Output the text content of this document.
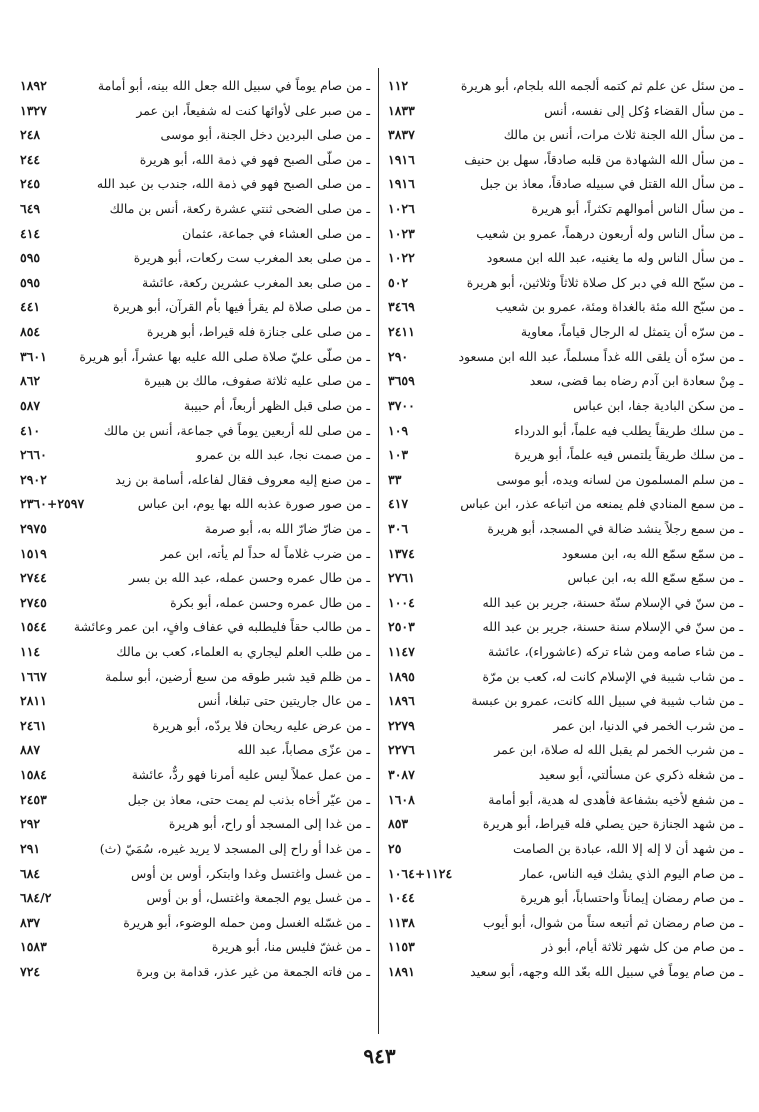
ـ من سئل عن علم ثم كتمه ألجمه الله بلجام، أبو هريرة
١١٢
ـ من سأل القضاء وُكل إلى نفسه، أنس
١٨٣٣
ـ من سأل الله الجنة ثلاث مرات، أنس بن مالك
٣٨٣٧
ـ من سأل الله الشهادة من قلبه صادقاً، سهل بن حنيف
١٩١٦
ـ من سأل الله القتل في سبيله صادقاً، معاذ بن جبل
١٩١٦
ـ من سأل الناس أموالهم تكثراً، أبو هريرة
١٠٢٦
ـ من سأل الناس وله أربعون درهماً، عمرو بن شعيب
١٠٢٣
ـ من سأل الناس وله ما يغنيه، عبد الله ابن مسعود
١٠٢٢
ـ من سبّح الله في دبر كل صلاة ثلاثاً وثلاثين، أبو هريرة
٥٠٢
ـ من سبّح الله مئة بالغداة ومئة، عمرو بن شعيب
٣٤٦٩
ـ من سرّه أن يتمثل له الرجال قياماً، معاوية
٢٤١١
ـ من سرّه أن يلقى الله غداً مسلماً، عبد الله ابن مسعود
٢٩٠
ـ مِنْ سعادة ابن آدم رضاه بما قضى، سعد
٣٦٥٩
ـ من سكن البادية جفا، ابن عباس
٣٧٠٠
ـ من سلك طريقاً يطلب فيه علماً، أبو الدرداء
١٠٩
ـ من سلك طريقاً يلتمس فيه علماً، أبو هريرة
١٠٣
ـ من سلم المسلمون من لسانه ويده، أبو موسى
٣٣
ـ من سمع المنادي فلم يمنعه من اتباعه عذر، ابن عباس
٤١٧
ـ من سمع رجلاً ينشد ضالة في المسجد، أبو هريرة
٣٠٦
ـ من سمّع سمّع الله به، ابن مسعود
١٣٧٤
ـ من سمّع سمّع الله به، ابن عباس
٢٧٦١
ـ من سنّ في الإسلام سنّة حسنة، جرير بن عبد الله
١٠٠٤
ـ من سنّ في الإسلام سنة حسنة، جرير بن عبد الله
٢٥٠٣
ـ من شاء صامه ومن شاء تركه (عاشوراء)، عائشة
١١٤٧
ـ من شاب شيبة في الإسلام كانت له، كعب بن مرّة
١٨٩٥
ـ من شاب شيبة في سبيل الله كانت، عمرو بن عبسة
١٨٩٦
ـ من شرب الخمر في الدنيا، ابن عمر
٢٢٧٩
ـ من شرب الخمر لم يقبل الله له صلاة، ابن عمر
٢٢٧٦
ـ من شغله ذكري عن مسألتي، أبو سعيد
٣٠٨٧
ـ من شفع لأخيه بشفاعة فأهدى له هدية، أبو أمامة
١٦٠٨
ـ من شهد الجنازة حين يصلي فله قيراط، أبو هريرة
٨٥٣
ـ من شهد أن لا إله إلا الله، عبادة بن الصامت
٢٥
ـ من صام اليوم الذي يشك فيه الناس، عمار
١١٢٤+١٠٦٤
ـ من صام رمضان إيماناً واحتساباً، أبو هريرة
١٠٤٤
ـ من صام رمضان ثم أتبعه ستاً من شوال، أبو أيوب
١١٣٨
ـ من صام من كل شهر ثلاثة أيام، أبو ذر
١١٥٣
ـ من صام يوماً في سبيل الله بعّد الله وجهه، أبو سعيد
١٨٩١
ـ من صام يوماً في سبيل الله جعل الله بينه، أبو أمامة
١٨٩٢
ـ من صبر على لأوائها كنت له شفيعاً، ابن عمر
١٣٢٧
ـ من صلى البردين دخل الجنة، أبو موسى
٢٤٨
ـ من صلّى الصبح فهو في ذمة الله، أبو هريرة
٢٤٤
ـ من صلى الصبح فهو في ذمة الله، جندب بن عبد الله
٢٤٥
ـ من صلى الضحى ثنتي عشرة ركعة، أنس بن مالك
٦٤٩
ـ من صلى العشاء في جماعة، عثمان
٤١٤
ـ من صلى بعد المغرب ست ركعات، أبو هريرة
٥٩٥
ـ من صلى بعد المغرب عشرين ركعة، عائشة
٥٩٥
ـ من صلى صلاة لم يقرأ فيها بأم القرآن، أبو هريرة
٤٤١
ـ من صلى على جنازة فله قيراط، أبو هريرة
٨٥٤
ـ من صلّى عليّ صلاة صلى الله عليه بها عشراً، أبو هريرة
٣٦٠١
ـ من صلى عليه ثلاثة صفوف، مالك بن هبيرة
٨٦٢
ـ من صلى قبل الظهر أربعاً، أم حبيبة
٥٨٧
ـ من صلى لله أربعين يوماً في جماعة، أنس بن مالك
٤١٠
ـ من صمت نجا، عبد الله بن عمرو
٢٦٦٠
ـ من صنع إليه معروف فقال لفاعله، أسامة بن زيد
٢٩٠٢
ـ من صور صورة عذبه الله بها يوم، ابن عباس
٢٥٩٧+٢٣٦٠
ـ من ضارّ ضارّ الله به، أبو صرمة
٢٩٧٥
ـ من ضرب غلاماً له حداً لم يأته، ابن عمر
١٥١٩
ـ من طال عمره وحسن عمله، عبد الله بن بسر
٢٧٤٤
ـ من طال عمره وحسن عمله، أبو بكرة
٢٧٤٥
ـ من طالب حقاً فليطلبه في عفاف وافٍ، ابن عمر وعائشة
١٥٤٤
ـ من طلب العلم ليجاري به العلماء، كعب بن مالك
١١٤
ـ من ظلم قيد شبر طوقه من سبع أرضين، أبو سلمة
١٦٦٧
ـ من عال جاريتين حتى تبلغا، أنس
٢٨١١
ـ من عرض عليه ريحان فلا يردّه، أبو هريرة
٢٤٦١
ـ من عزّى مصاباً، عبد الله
٨٨٧
ـ من عمل عملاً ليس عليه أمرنا فهو ردٌّ، عائشة
١٥٨٤
ـ من عيّر أخاه بذنب لم يمت حتى، معاذ بن جبل
٢٤٥٣
ـ من غدا إلى المسجد أو راح، أبو هريرة
٢٩٢
ـ من غدا أو راح إلى المسجد لا يريد غيره، سُمَيّ (ث)
٢٩١
ـ من غسل واغتسل وغدا وابتكر، أوس بن أوس
٦٨٤
ـ من غسل يوم الجمعة واغتسل، أو بن أوس
٦٨٤/٢
ـ من غسّله الغسل ومن حمله الوضوء، أبو هريرة
٨٣٧
ـ من غشّ فليس منا، أبو هريرة
١٥٨٣
ـ من فاته الجمعة من غير عذر، قدامة بن وبرة
٧٢٤
٩٤٣
